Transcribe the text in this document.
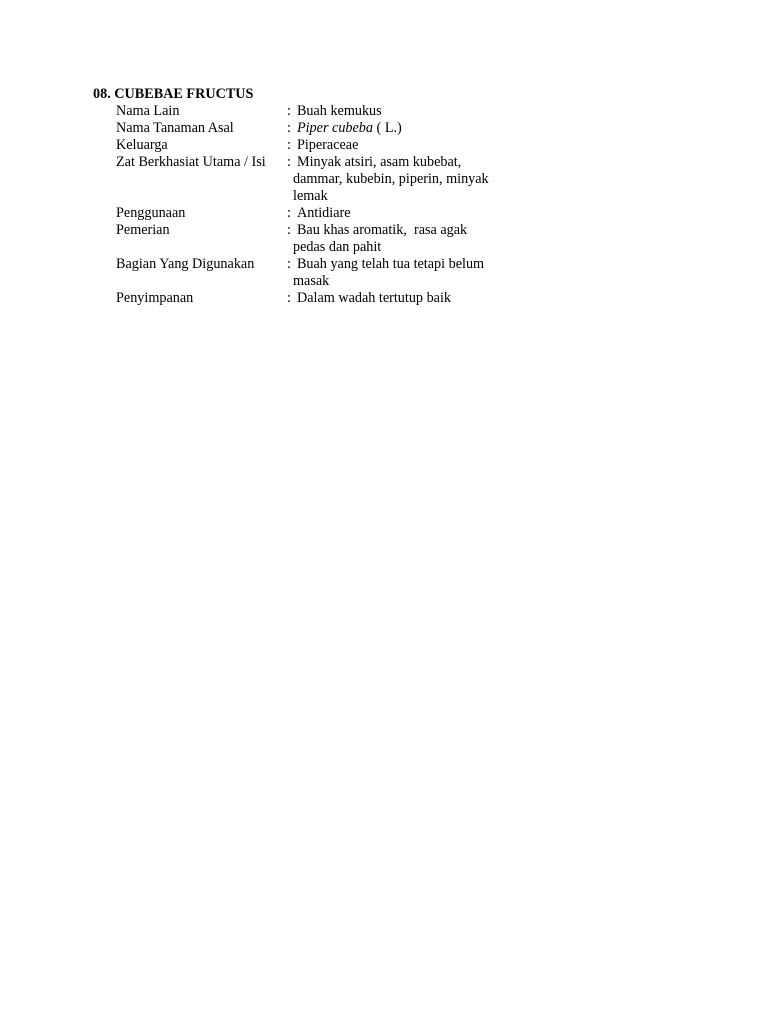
08. CUBEBAE FRUCTUS
Nama Lain	: Buah kemukus
Nama Tanaman Asal	: Piper cubeba ( L.)
Keluarga	: Piperaceae
Zat Berkhasiat Utama / Isi : Minyak atsiri, asam kubebat,
dammar, kubebin, piperin, minyak
lemak
Penggunaan	: Antidiare
Pemerian	: Bau khas aromatik,  rasa agak
pedas dan pahit
Bagian Yang Digunakan : Buah yang telah tua tetapi belum
masak
Penyimpanan	: Dalam wadah tertutup baik
